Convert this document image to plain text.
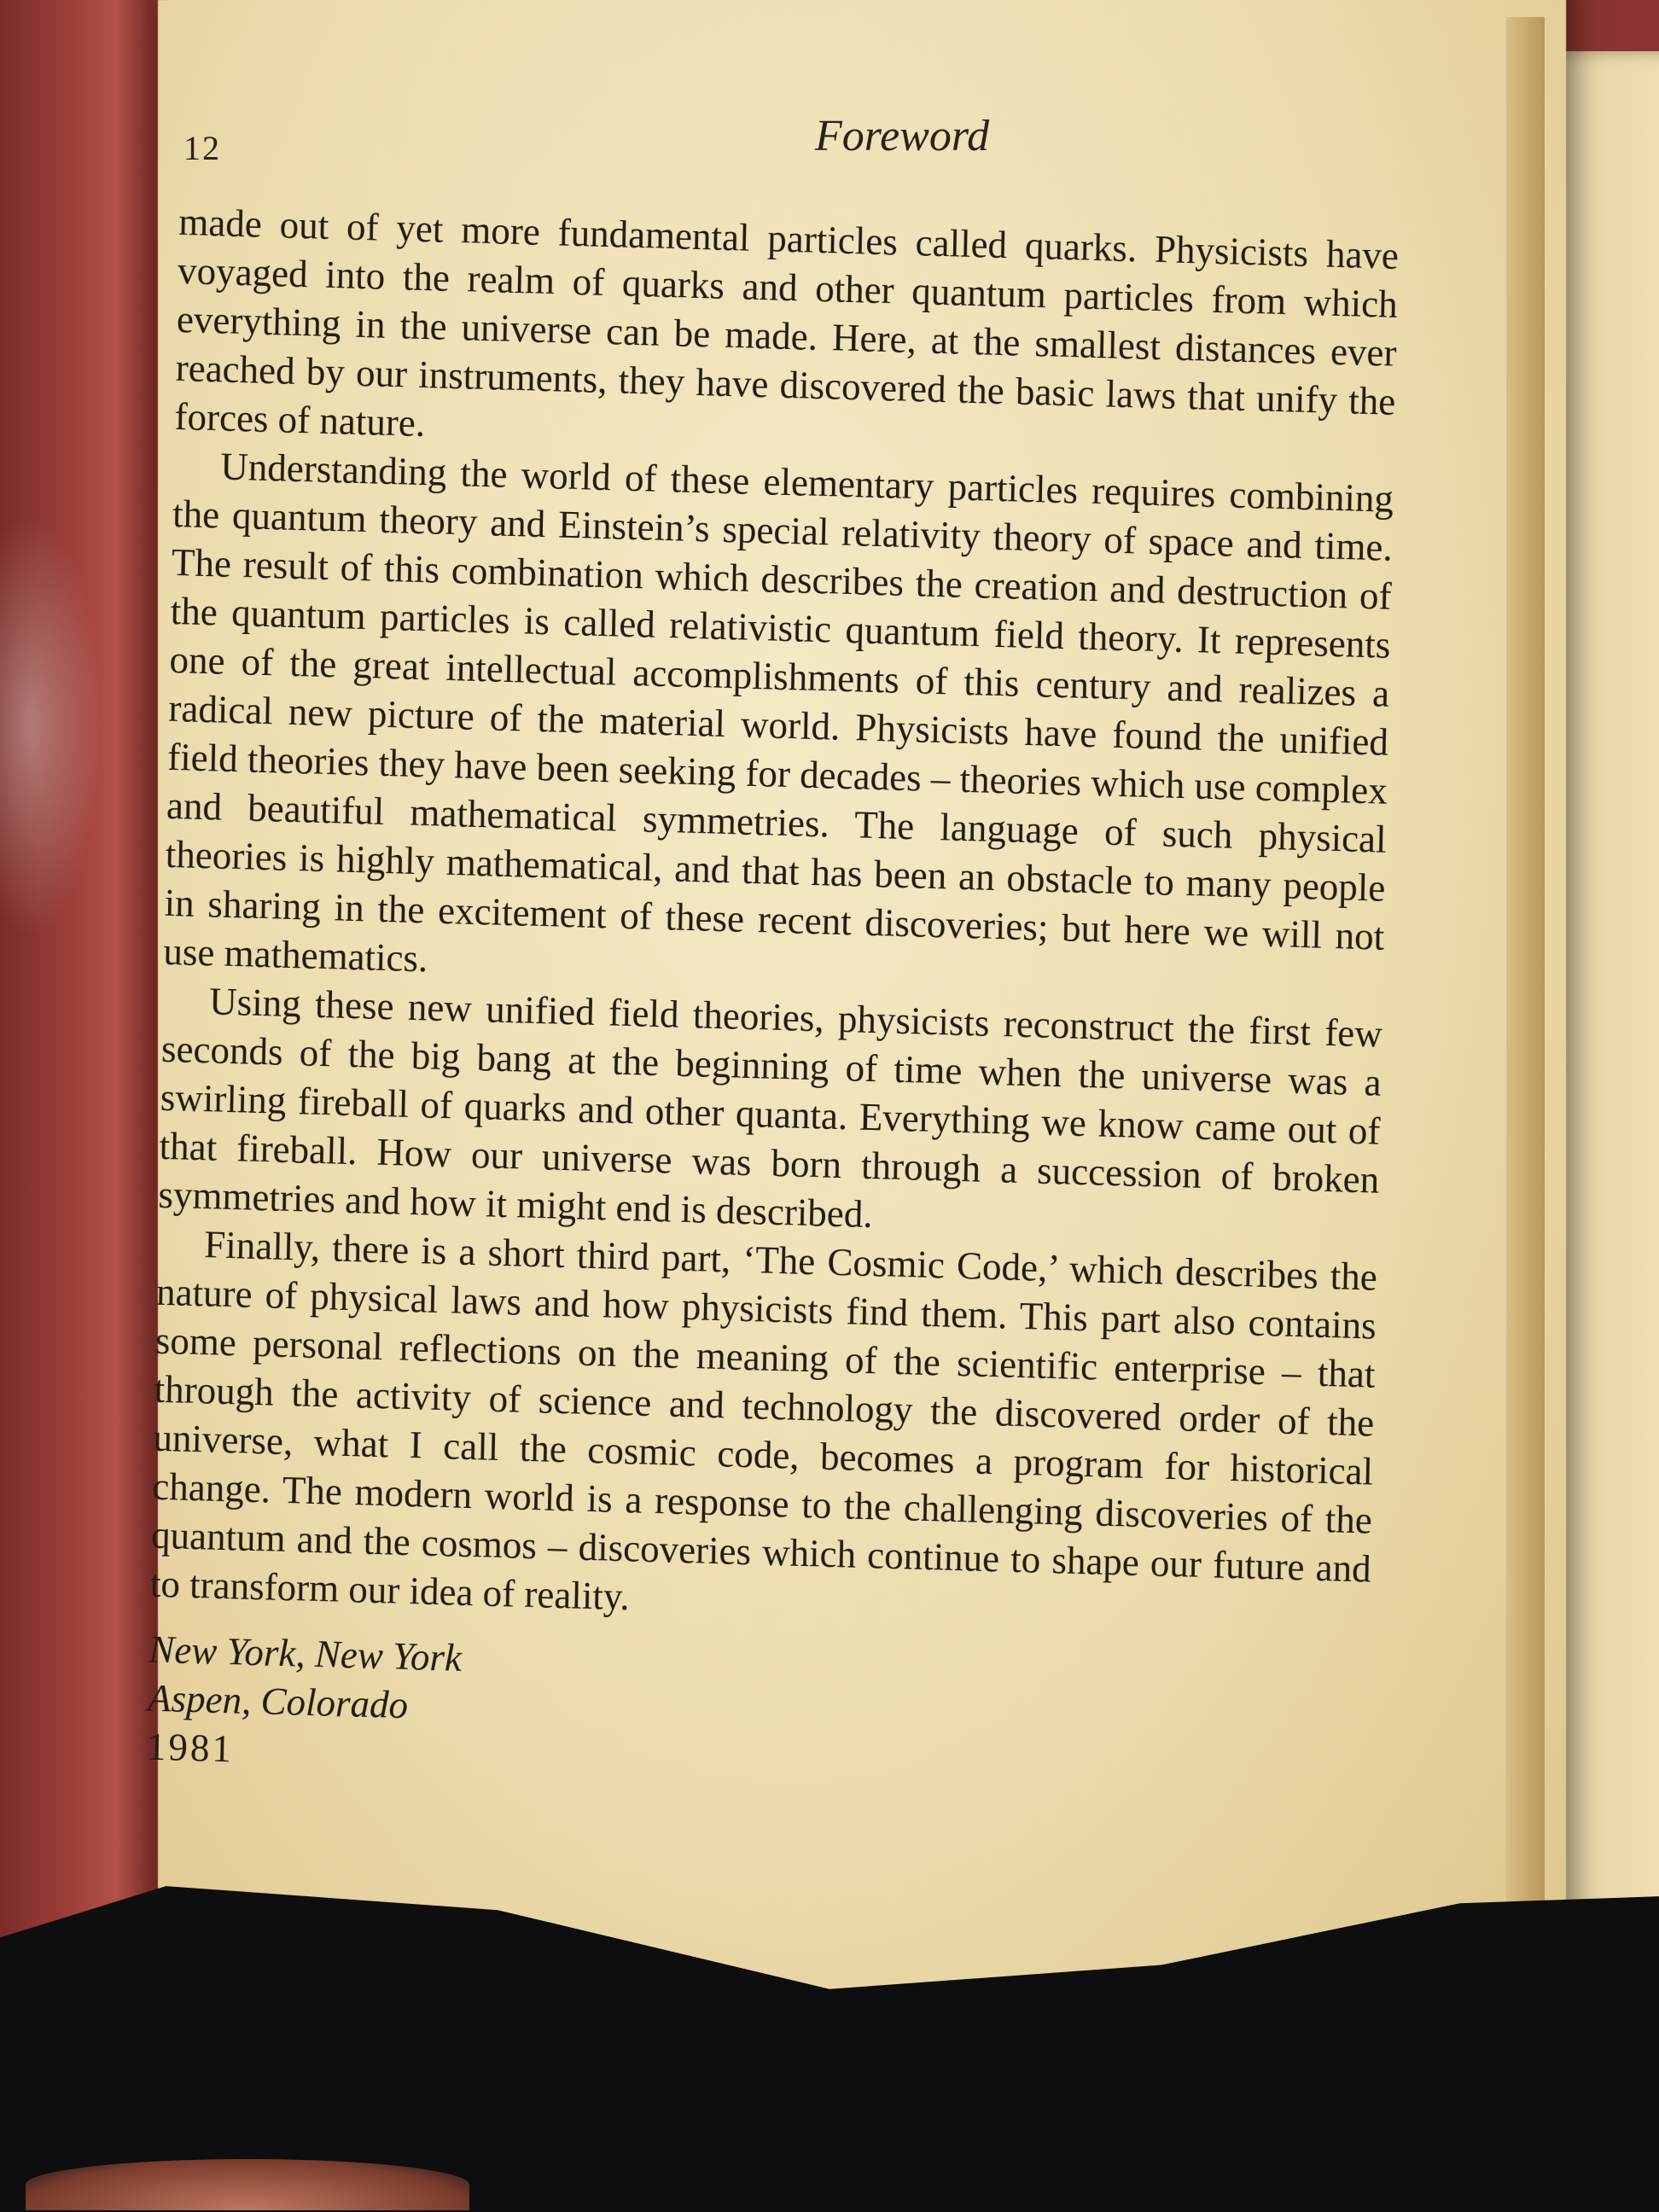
12	Foreword

made out of yet more fundamental particles called quarks. Physicists have voyaged into the realm of quarks and other quantum particles from which everything in the universe can be made. Here, at the smallest distances ever reached by our instruments, they have discovered the basic laws that unify the forces of nature.

Understanding the world of these elementary particles requires combining the quantum theory and Einstein’s special relativity theory of space and time. The result of this combination which describes the creation and destruction of the quantum particles is called relativistic quantum field theory. It represents one of the great intellectual accomplishments of this century and realizes a radical new picture of the material world. Physicists have found the unified field theories they have been seeking for decades – theories which use complex and beautiful mathematical symmetries. The language of such physical theories is highly mathematical, and that has been an obstacle to many people in sharing in the excitement of these recent discoveries; but here we will not use mathematics.

Using these new unified field theories, physicists reconstruct the first few seconds of the big bang at the beginning of time when the universe was a swirling fireball of quarks and other quanta. Everything we know came out of that fireball. How our universe was born through a succession of broken symmetries and how it might end is described.

Finally, there is a short third part, ‘The Cosmic Code,’ which describes the nature of physical laws and how physicists find them. This part also contains some personal reflections on the meaning of the scientific enterprise – that through the activity of science and technology the discovered order of the universe, what I call the cosmic code, becomes a program for historical change. The modern world is a response to the challenging discoveries of the quantum and the cosmos – discoveries which continue to shape our future and to transform our idea of reality.

New York, New York
Aspen, Colorado
1981
